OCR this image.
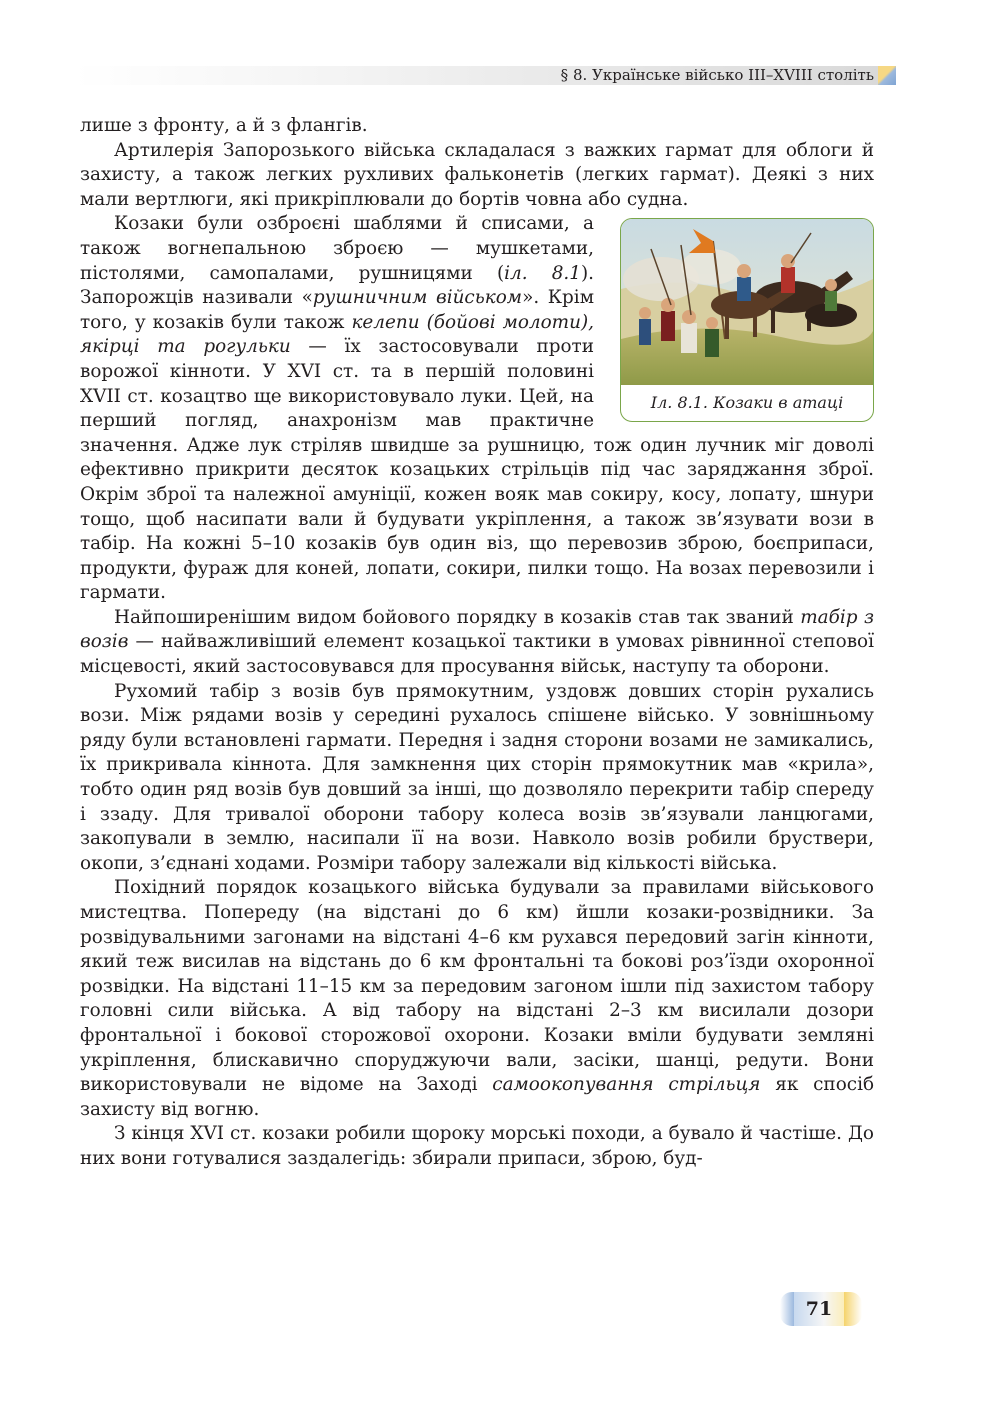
§ 8. Українське військо ІІІ–XVIII століть

лише з фронту, а й з флангів.

Артилерія Запорозького війська складалася з важких гармат для облоги й захисту, а також легких рухливих фальконетів (легких гармат). Деякі з них мали вертлюги, які прикріплювали до бортів човна або судна.

Іл. 8.1. Козаки в атаці

Козаки були озброєні шаблями й списами, а також вогнепальною зброєю — мушкетами, пістолями, самопалами, рушницями (іл. 8.1). Запорожців називали «рушничним військом». Крім того, у козаків були також келепи (бойові молоти), якірці та рогульки — їх застосовували проти ворожої кінноти. У XVI ст. та в першій половині XVII ст. козацтво ще використовувало луки. Цей, на перший погляд, анахронізм мав практичне значення. Адже лук стріляв швидше за рушницю, тож один лучник міг доволі ефективно прикрити десяток козацьких стрільців під час заряджання зброї. Окрім зброї та належної амуніції, кожен вояк мав сокиру, косу, лопату, шнури тощо, щоб насипати вали й будувати укріплення, а також зв’язувати вози в табір. На кожні 5–10 козаків був один віз, що перевозив зброю, боєприпаси, продукти, фураж для коней, лопати, сокири, пилки тощо. На возах перевозили і гармати.

Найпоширенішим видом бойового порядку в козаків став так званий табір з возів — найважливіший елемент козацької тактики в умовах рівнинної степової місцевості, який застосовувався для просування військ, наступу та оборони.

Рухомий табір з возів був прямокутним, уздовж довших сторін рухались вози. Між рядами возів у середині рухалось спішене військо. У зовнішньому ряду були встановлені гармати. Передня і задня сторони возами не замикались, їх прикривала кіннота. Для замкнення цих сторін прямокутник мав «крила», тобто один ряд возів був довший за інші, що дозволяло перекрити табір спереду і ззаду. Для тривалої оборони табору колеса возів зв’язували ланцюгами, закопували в землю, насипали її на вози. Навколо возів робили бруствери, окопи, з’єднані ходами. Розміри табору залежали від кількості війська.

Похідний порядок козацького війська будували за правилами військового мистецтва. Попереду (на відстані до 6 км) йшли козаки-розвідники. За розвідувальними загонами на відстані 4–6 км рухався передовий загін кінноти, який теж висилав на відстань до 6 км фронтальні та бокові роз’їзди охоронної розвідки. На відстані 11–15 км за передовим загоном ішли під захистом табору головні сили війська. А від табору на відстані 2–3 км висилали дозори фронтальної і бокової сторожової охорони. Козаки вміли будувати земляні укріплення, блискавично споруджуючи вали, засіки, шанці, редути. Вони використовували не відоме на Заході самоокопування стрільця як спосіб захисту від вогню.

З кінця XVI ст. козаки робили щороку морські походи, а бувало й частіше. До них вони готувалися заздалегідь: збирали припаси, зброю, буд-

71
